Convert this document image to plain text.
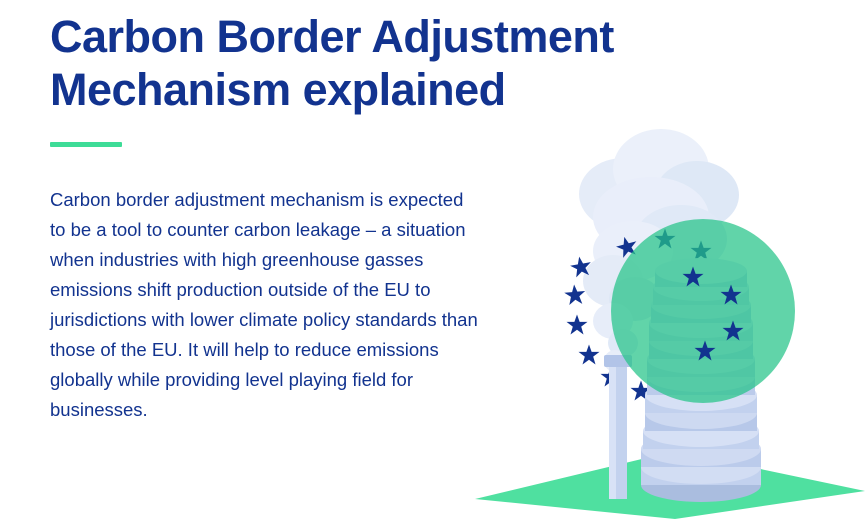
Carbon Border Adjustment Mechanism explained

Carbon border adjustment mechanism is expected to be a tool to counter carbon leakage – a situation when industries with high greenhouse gasses emissions shift production outside of the EU to jurisdictions with lower climate policy standards than those of the EU. It will help to reduce emissions globally while providing level playing field for businesses.
